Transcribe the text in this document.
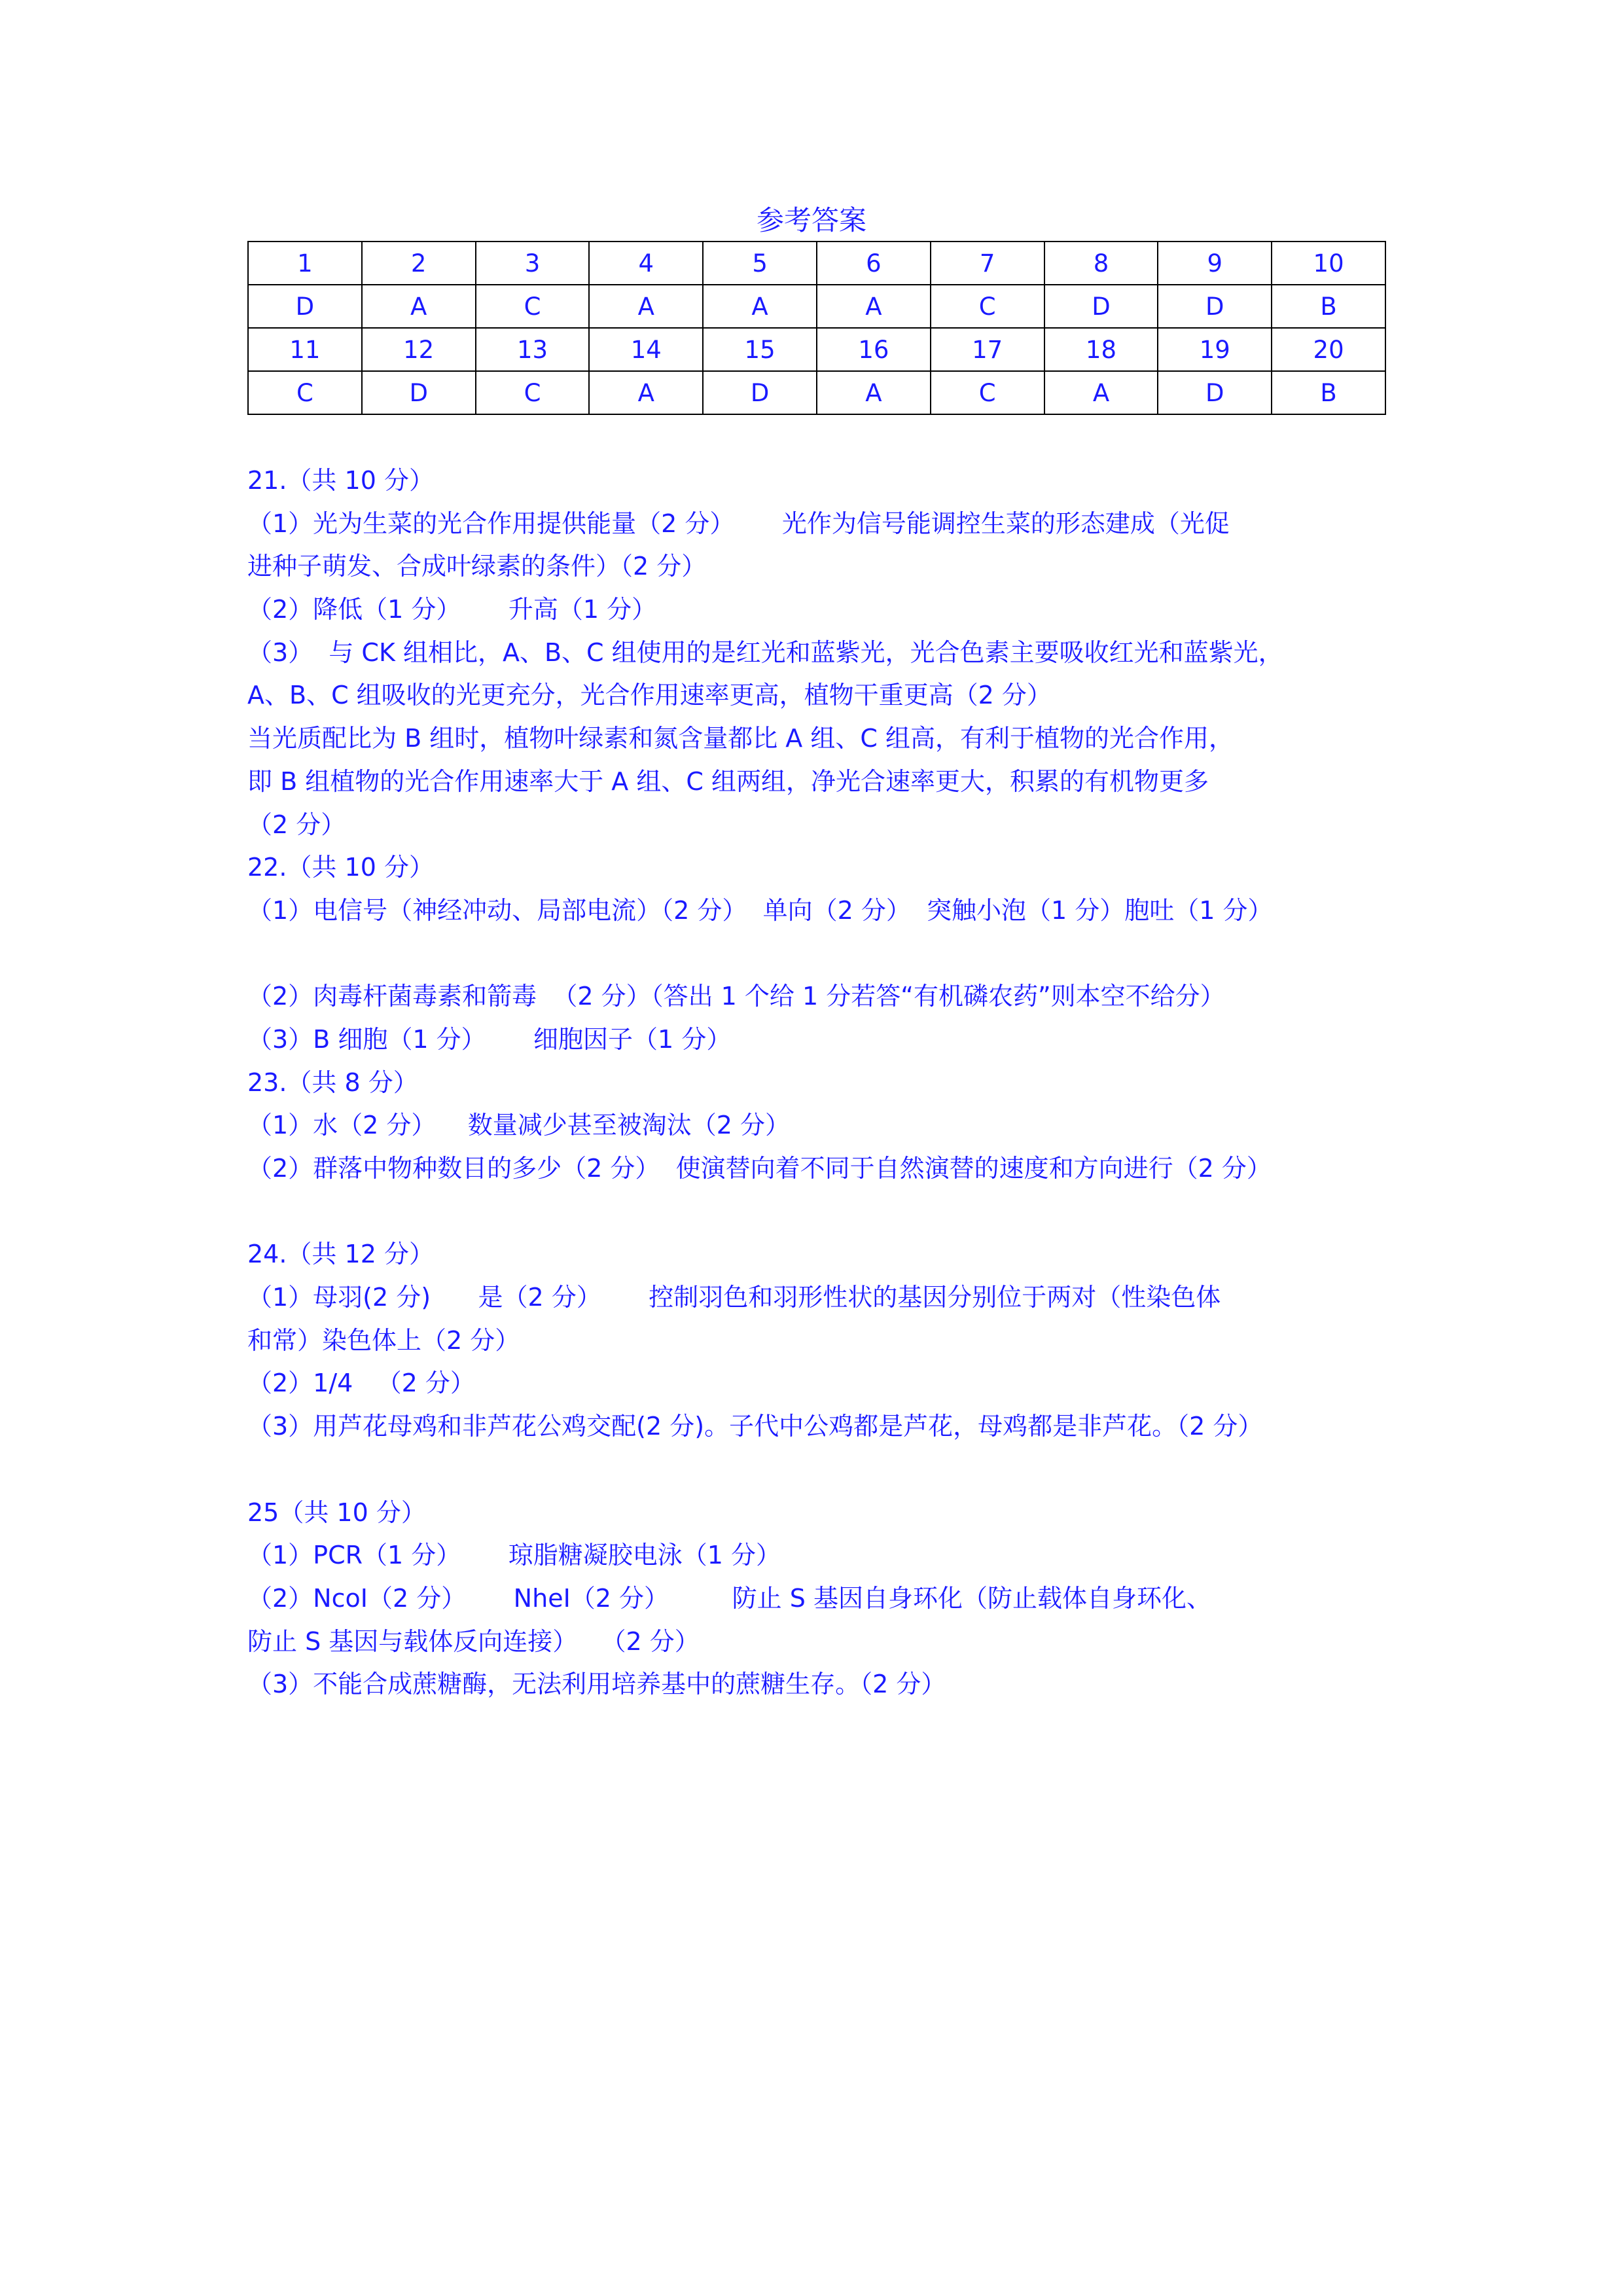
参考答案
1	2	3	4	5	6	7	8	9	10
D	A	C	A	A	A	C	D	D	B
11	12	13	14	15	16	17	18	19	20
C	D	C	A	D	A	C	A	D	B
21.（共 10 分）
（1）光为生菜的光合作用提供能量（2 分）      光作为信号能调控生菜的形态建成（光促
进种子萌发、合成叶绿素的条件）（2 分）
（2）降低（1 分）      升高（1 分）
（3）  与 CK 组相比，A、B、C 组使用的是红光和蓝紫光，光合色素主要吸收红光和蓝紫光，
A、B、C 组吸收的光更充分，光合作用速率更高，植物干重更高（2 分）
当光质配比为 B 组时，植物叶绿素和氮含量都比 A 组、C 组高，有利于植物的光合作用，
即 B 组植物的光合作用速率大于 A 组、C 组两组，净光合速率更大，积累的有机物更多
（2 分）
22.（共 10 分）
（1）电信号（神经冲动、局部电流）（2 分）  单向（2 分）  突触小泡（1 分）胞吐（1 分）
（2）肉毒杆菌毒素和箭毒  （2 分）（答出 1 个给 1 分若答“有机磷农药”则本空不给分）
（3）B 细胞（1 分）      细胞因子（1 分）
23.（共 8 分）
（1）水（2 分）    数量减少甚至被淘汰（2 分）
（2）群落中物种数目的多少（2 分）  使演替向着不同于自然演替的速度和方向进行（2 分）
24.（共 12 分）
（1）母羽(2 分)      是（2 分）      控制羽色和羽形性状的基因分别位于两对（性染色体
和常）染色体上（2 分）
（2）1/4   （2 分）
（3）用芦花母鸡和非芦花公鸡交配(2 分)。子代中公鸡都是芦花，母鸡都是非芦花。（2 分）
25（共 10 分）
（1）PCR（1 分）      琼脂糖凝胶电泳（1 分）
（2）NcoⅠ（2 分）      NheⅠ（2 分）        防止 S 基因自身环化（防止载体自身环化、
防止 S 基因与载体反向连接）   （2 分）
（3）不能合成蔗糖酶，无法利用培养基中的蔗糖生存。（2 分）
